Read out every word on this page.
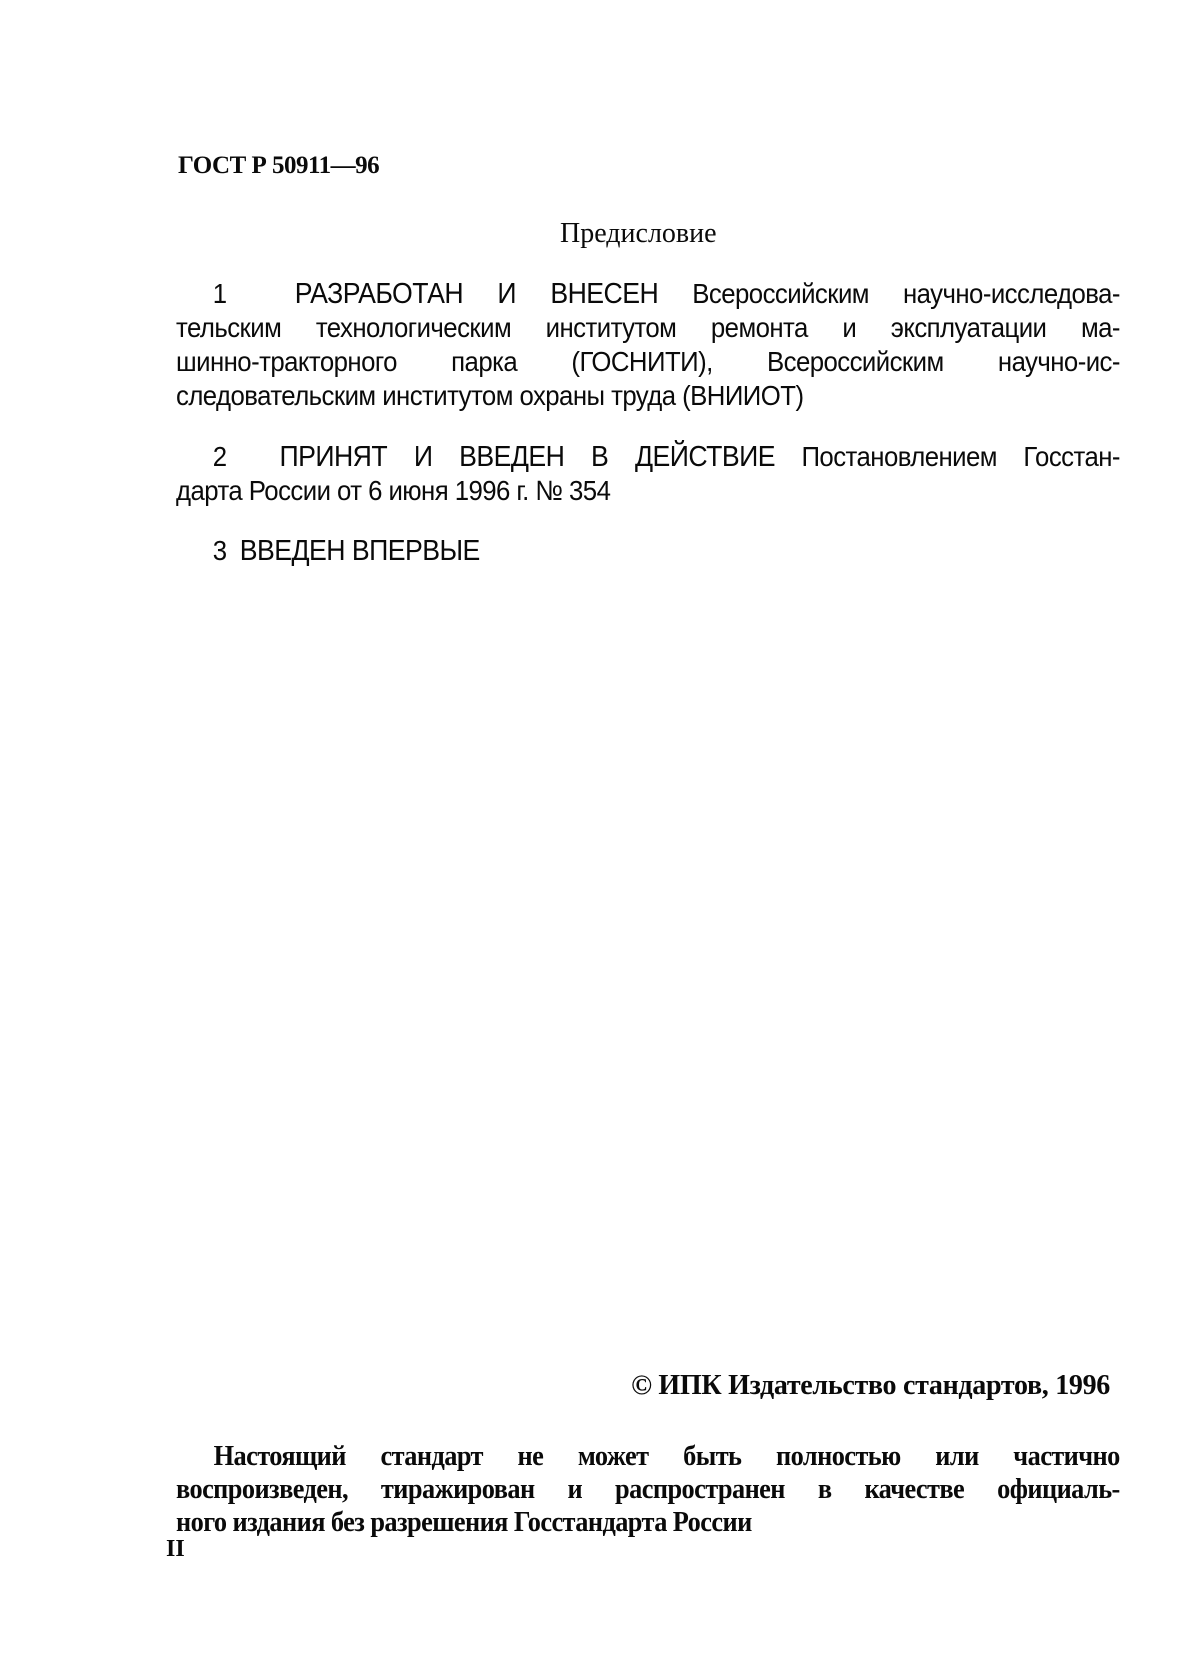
ГОСТ Р 50911—96
Предисловие
1 РАЗРАБОТАН И ВНЕСЕН Всероссийским научно-исследова-
тельским технологическим институтом ремонта и эксплуатации ма-
шинно-тракторного парка (ГОСНИТИ), Всероссийским научно-ис-
следовательским институтом охраны труда (ВНИИОТ)
2 ПРИНЯТ И ВВЕДЕН В ДЕЙСТВИЕ Постановлением Госстан-
дарта России от 6 июня 1996 г. № 354
3 ВВЕДЕН ВПЕРВЫЕ
© ИПК Издательство стандартов, 1996
Настоящий стандарт не может быть полностью или частично
воспроизведен, тиражирован и распространен в качестве официаль-
ного издания без разрешения Госстандарта России
II
